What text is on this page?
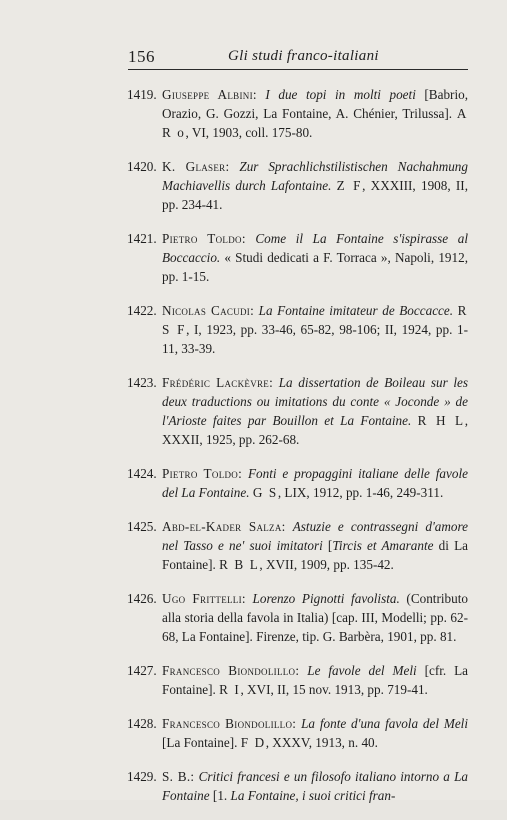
156	Gli studi franco-italiani
1419. Giuseppe Albini: I due topi in molti poeti [Babrio, Orazio, G. Gozzi, La Fontaine, A. Chénier, Trilussa]. A R o, VI, 1903, coll. 175-80.
1420. K. Glaser: Zur Sprachlichstilistischen Nachahmung Machiavellis durch Lafontaine. Z F, XXXIII, 1908, II, pp. 234-41.
1421. Pietro Toldo: Come il La Fontaine s'ispirasse al Boccaccio. « Studi dedicati a F. Torraca », Napoli, 1912, pp. 1-15.
1422. Nicolas Cacudi: La Fontaine imitateur de Boccacce. R S F, I, 1923, pp. 33-46, 65-82, 98-106; II, 1924, pp. 1-11, 33-39.
1423. Frédéric Lackèvre: La dissertation de Boileau sur les deux traductions ou imitations du conte « Joconde » de l'Arioste faites par Bouillon et La Fontaine. R H L, XXXII, 1925, pp. 262-68.
1424. Pietro Toldo: Fonti e propaggini italiane delle favole del La Fontaine. G S, LIX, 1912, pp. 1-46, 249-311.
1425. Abd-el-Kader Salza: Astuzie e contrassegni d'amore nel Tasso e ne' suoi imitatori [Tircis et Amarante di La Fontaine]. R B L, XVII, 1909, pp. 135-42.
1426. Ugo Frittelli: Lorenzo Pignotti favolista. (Contributo alla storia della favola in Italia) [cap. III, Modelli; pp. 62-68, La Fontaine]. Firenze, tip. G. Barbèra, 1901, pp. 81.
1427. Francesco Biondolillo: Le favole del Meli [cfr. La Fontaine]. R I, XVI, II, 15 nov. 1913, pp. 719-41.
1428. Francesco Biondolillo: La fonte d'una favola del Meli [La Fontaine]. F D, XXXV, 1913, n. 40.
1429. S. B.: Critici francesi e un filosofo italiano intorno a La Fontaine [1. La Fontaine, i suoi critici fran-
